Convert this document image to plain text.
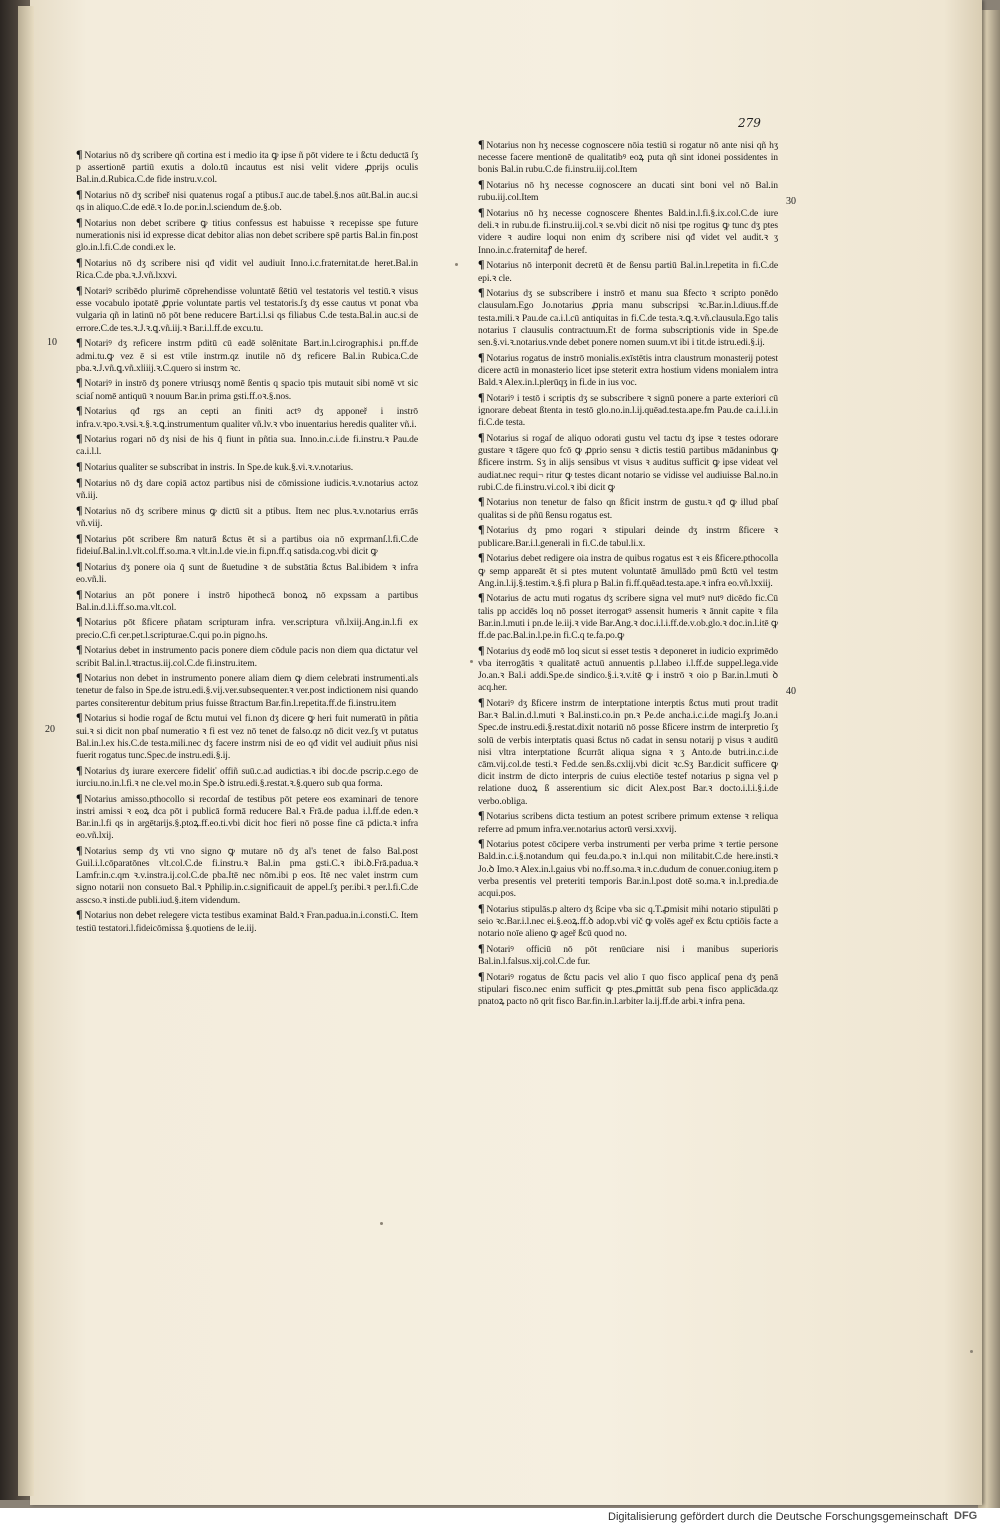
279
10
20
30
40

¶ Notarius nō dʒ scribere qñ cortina est i medio ita ꝙ ipse ñ pōt videre te i ßctu deductā ſʒ p assertionē partiū exutis a dolo.tū incautus est nisi velit videre ꝓprijs oculis Bal.in.d.Rubica.C.de fide instru.v.col.

¶ Notarius nō dʒ scribeř nisi quatenus rogaſ a ptibus.ī auc.de tabel.§.nos aūt.Bal.in auc.si qs in aliquo.C.de edē.ꝛ Io.de por.in.l.sciendum de.§.ob.

¶ Notarius non debet scribere ꝙ titius confessus est habuisse ꝛ recepisse spe future numerationis nisi id expresse dicat debitor alias non debet scribere spē partis Bal.in fin.post glo.in.l.fi.C.de condi.ex le.

¶ Notarius nō dʒ scribere nisi qđ vidit vel audiuit Inno.i.c.fraternitat.de heret.Bal.in Rica.C.de pba.ꝛ.J.vñ.lxxvi.

¶ Notariꝰ scribēdo plurimē cōprehendisse voluntatē ßētiū vel testatoris vel testiū.ꝛ visus esse vocabulo ipotatē ꝓprie voluntate partis vel testatoris.ſʒ dʒ esse cautus vt ponat vba vulgaria qñ in latinū nō pōt bene reducere Bart.i.l.si qs filiabus C.de testa.Bal.in auc.si de errore.C.de tes.ꝛ.J.ꝛ.ꝗ.vñ.iij.ꝛ Bar.i.l.ff.de excu.tu.

¶ Notariꝰ dʒ reficere instrm pditū cū eadē solēnitate Bart.in.l.cirographis.i pn.ff.de admi.tu.ꝙ vez ē si est vtile instrm.qz inutile nō dʒ reficere Bal.in Rubica.C.de pba.ꝛ.J.vñ.ꝗ.vñ.xliiij.ꝛ.C.quero si instrm ꝛc.

¶ Notariꝰ in instrō dʒ ponere vtriusqʒ nomē ßentis q spacio tpis mutauit sibi nomē vt sic sciaſ nomē antiquū ꝛ nouum Bar.in prima gsti.ff.oꝛ.§.nos.

¶ Notarius qđ rgs an cepti an finiti actꝰ dʒ apponeř i instrō infra.v.ꝛpo.ꝛ.vsi.ꝛ.§.ꝛ.ꝗ.instrumentum qualiter vñ.lv.ꝛ vbo inuentarius heredis qualiter vñ.i.

¶ Notarius rogari nō dʒ nisi de his q̄ fiunt in pñtia sua. Inno.in.c.i.de fi.instru.ꝛ Pau.de ca.i.l.l.

¶ Notarius qualiter se subscribat in instris. In Spe.de kuk.§.vi.ꝛ.v.notarius.

¶ Notarius nō dʒ dare copiā actoz partibus nisi de cōmissione iudicis.ꝛ.v.notarius actoz vñ.iij.

¶ Notarius nō dʒ scribere minus ꝙ dictū sit a ptibus. Item nec plus.ꝛ.v.notarius errās vñ.viij.

¶ Notarius pōt scribere ßm naturā ßctus ēt si a partibus oia nō exprmanſ.l.fi.C.de fideiuſ.Bal.in.l.vlt.col.ff.so.ma.ꝛ vlt.in.l.de vie.in fi.pn.ff.q satisda.cog.vbi dicit ꝙ

¶ Notarius dʒ ponere oia q̄ sunt de ßuetudine ꝛ de substātia ßctus Bal.ibidem ꝛ infra eo.vñ.li.

¶ Notarius an pōt ponere i instrō hipothecā bonoꝝ nō expssam a partibus Bal.in.d.l.i.ff.so.ma.vlt.col.

¶ Notarius pōt ßficere pñatam scripturam infra. ver.scriptura vñ.lxiij.Ang.in.l.fi ex precio.C.fi cer.pet.l.scripturae.C.qui po.in pigno.hs.

¶ Notarius debet in instrumento pacis ponere diem cōdule pacis non diem qua dictatur vel scribit Bal.in.l.ꝛtractus.iij.col.C.de fi.instru.item.

¶ Notarius non debet in instrumento ponere aliam diem ꝙ diem celebrati instrumenti.als tenetur de falso in Spe.de istru.edi.§.vij.ver.subsequenter.ꝛ ver.post indictionem nisi quando partes consiterentur debitum prius fuisse ßtractum Bar.fin.l.repetita.ff.de fi.instru.item

¶ Notarius si hodie rogaſ de ßctu mutui vel fi.non dʒ dicere ꝙ heri fuit numeratū in pñtia sui.ꝛ si dicit non pbaſ numeratio ꝛ fi est vez nō tenet de falso.qz nō dicit vez.ſʒ vt putatus Bal.in.l.ex his.C.de testa.mili.nec dʒ facere instrm nisi de eo qđ vidit vel audiuit pñus nisi fuerit rogatus tunc.Spec.de instru.edi.§.ij.

¶ Notarius dʒ iurare exercere fideliť offiñ suū.c.ad audictias.ꝛ ibi doc.de pscrip.c.ego de iurciu.no.in.l.fi.ꝛ ne cle.vel mo.in Spe.ꝺ istru.edi.§.restat.ꝛ.§.quero sub qua forma.

¶ Notarius amisso.pthocollo si recordaſ de testibus pōt petere eos examinari de tenore instri amissi ꝛ eoꝝ dca pōt i publicā formā reducere Bal.ꝛ Frā.de padua i.l.ff.de eden.ꝛ Bar.in.l.fi qs in argētarijs.§.ptoꝝ.ff.eo.ti.vbi dicit hoc fieri nō posse fine cā pdicta.ꝛ infra eo.vñ.lxij.

¶ Notarius semp dʒ vti vno signo ꝙ mutare nō dʒ al's tenet de falso Bal.post Guil.i.l.cōparatōnes vlt.col.C.de fi.instru.ꝛ Bal.in pma gsti.C.ꝛ ibi.ꝺ.Frā.padua.ꝛ Lamfr.in.c.qm ꝛ.v.instra.ij.col.C.de pba.Itē nec nōm.ibi p eos. Itē nec valet instrm cum signo notarii non consueto Bal.ꝛ Pphilip.in.c.significauit de appel.ſʒ per.ibi.ꝛ per.l.fi.C.de asscso.ꝛ insti.de publi.iud.§.item videndum.

¶ Notarius non debet relegere victa testibus examinat Bald.ꝛ Fran.padua.in.i.consti.C. Item testiū testatori.l.fideicōmissa §.quotiens de le.iij.

¶ Notarius non hʒ necesse cognoscere nōia testiū si rogatur nō ante nisi qñ hʒ necesse facere mentionē de qualitatibꝰ eoꝝ puta qñ sint idonei possidentes in bonis Bal.in rubu.C.de fi.instru.iij.col.Item

¶ Notarius nō hʒ necesse cognoscere an ducati sint boni vel nō Bal.in rubu.iij.col.Item

¶ Notarius nō hʒ necesse cognoscere ßhentes Bald.in.l.fi.§.ix.col.C.de iure deli.ꝛ in rubu.de fi.instru.iij.col.ꝛ se.vbi dicit nō nisi tpe rogitus ꝙ tunc dʒ ptes videre ꝛ audire loqui non enim dʒ scribere nisi qđ videt vel audit.ꝛ ʒ Inno.in.c.fraternitaꝭ de heref.

¶ Notarius nō interponit decretū ēt de ßensu partiū Bal.in.l.repetita in fi.C.de epi.ꝛ cle.

¶ Notarius dʒ se subscribere i instrō et manu sua ßfecto ꝛ scripto ponēdo clausulam.Ego Jo.notarius ꝓpria manu subscripsi ꝛc.Bar.in.l.diuus.ff.de testa.mili.ꝛ Pau.de ca.i.l.cū antiquitas in fi.C.de testa.ꝛ.ꝗ.ꝛ.vñ.clausula.Ego talis notarius ī clausulis contractuum.Et de forma subscriptionis vide in Spe.de sen.§.vi.ꝛ.notarius.vnde debet ponere nomen suum.vt ibi i tit.de istru.edi.§.ij.

¶ Notarius rogatus de instrō monialis.exīstētis intra claustrum monasterij potest dicere actū in monasterio licet ipse steterit extra hostium videns monialem intra Bald.ꝛ Alex.in.l.plerūqʒ in fi.de in ius voc.

¶ Notariꝰ i testō i scriptis dʒ se subscribere ꝛ signū ponere a parte exteriori cū ignorare debeat ßtenta in testō glo.no.in.l.ij.quēad.testa.ape.fm Pau.de ca.i.l.i.in fi.C.de testa.

¶ Notarius si rogaſ de aliquo odorati gustu vel tactu dʒ ipse ꝛ testes odorare gustare ꝛ tāgere quo fcō ꝙ ꝓprio sensu ꝛ dictis testiū partibus mādaninbus ꝙ ßficere instrm. Sʒ in alijs sensibus vt visus ꝛ auditus sufficit ꝙ ipse videat vel audiat.nec requi¬ ritur ꝙ testes dicant notario se vidisse vel audiuisse Bal.no.in rubi.C.de fi.instru.vi.col.ꝛ ibi dicit ꝙ

¶ Notarius non tenetur de falso qn ßficit instrm de gustu.ꝛ qđ ꝙ illud pbaſ qualitas si de pñū ßensu rogatus est.

¶ Notarius dʒ pmo rogari ꝛ stipulari deinde dʒ instrm ßficere ꝛ publicare.Bar.i.l.generali in fi.C.de tabul.li.x.

¶ Notarius debet redigere oia instra de quibus rogatus est ꝛ eis ßficere.pthocolla ꝙ semp appareāt ēt si ptes mutent voluntatē āmullādo pmū ßctū vel testm Ang.in.l.ij.§.testim.ꝛ.§.fi plura p Bal.in fi.ff.quēad.testa.ape.ꝛ infra eo.vñ.lxxiij.

¶ Notarius de actu muti rogatus dʒ scribere signa vel mutꝰ nutꝰ dicēdo fic.Cū talis pp accidēs loq nō posset iterrogatꝰ assensit humeris ꝛ ānnit capite ꝛ fila Bar.in.l.muti i pn.de le.iij.ꝛ vide Bar.Ang.ꝛ doc.i.l.i.ff.de.v.ob.glo.ꝛ doc.in.l.itē ꝙ ff.de pac.Bal.in.l.pe.in fi.C.q te.fa.po.ꝙ

¶ Notarius dʒ eodē mō loq sicut si esset testis ꝛ deponeret in iudicio exprimēdo vba iterrogātis ꝛ qualitatē actuū annuentis p.l.labeo i.l.ff.de suppel.lega.vide Jo.an.ꝛ Bal.i addi.Spe.de sindico.§.i.ꝛ.v.itē ꝙ i instrō ꝛ oio p Bar.in.l.muti ꝺ acq.her.

¶ Notariꝰ dʒ ßficere instrm de interptatione interptis ßctus muti prout tradit Bar.ꝛ Bal.in.d.l.muti ꝛ Bal.insti.co.in pn.ꝛ Pe.de ancha.i.c.i.de magi.ſʒ Jo.an.i Spec.de instru.edi.§.restat.dixit notariū nō posse ßficere instrm de interpretio ſʒ solū de verbis interptatis quasi ßctus nō cadat in sensu notarij p visus ꝛ auditū nisi vltra interptatione ßcurrāt aliqua signa ꝛ ʒ Anto.de butri.in.c.i.de cām.vij.col.de testi.ꝛ Fed.de sen.ßs.cxlij.vbi dicit ꝛc.Sʒ Bar.dicit sufficere ꝙ dicit instrm de dicto interpris de cuius electiōe testef notarius p signa vel p relatione duoꝝ ß asserentium sic dicit Alex.post Bar.ꝛ docto.i.l.i.§.i.de verbo.obliga.

¶ Notarius scribens dicta testium an potest scribere primum extense ꝛ reliqua referre ad pmum infra.ver.notarius actorū versi.xxvij.

¶ Notarius potest cōcipere verba instrumenti per verba prime ꝛ tertie persone Bald.in.c.i.§.notandum qui feu.da.po.ꝛ in.l.qui non militabit.C.de here.insti.ꝛ Jo.ꝺ Imo.ꝛ Alex.in.l.gaius vbi no.ff.so.ma.ꝛ in.c.dudum de conuer.coniug.item p verba presentis vel preteriti temporis Bar.in.l.post dotē so.ma.ꝛ in.l.predia.de acqui.pos.

¶ Notarius stipulās.p altero dʒ ßcipe vba sic q.T.ꝓmisit mihi notario stipulāti p seio ꝛc.Bar.i.l.nec ei.§.eoꝝ.ff.ꝺ adop.vbi vič ꝙ volēs ageř ex ßctu cptiōis facte a notario noīe alieno ꝙ ageř ßcū quod no.

¶ Notariꝰ officiū nō pōt renūciare nisi i manibus superioris Bal.in.l.falsus.xij.col.C.de fur.

¶ Notariꝰ rogatus de ßctu pacis vel alio ī quo fisco applicaſ pena dʒ penā stipulari fisco.nec enim sufficit ꝙ ptes.ꝓmittāt sub pena fisco applicāda.qz pnatoꝝ pacto nō qrit fisco Bar.fin.in.l.arbiter la.ij.ff.de arbi.ꝛ infra pena.

Digitalisierung gefördert durch die Deutsche Forschungsgemeinschaft DFG
